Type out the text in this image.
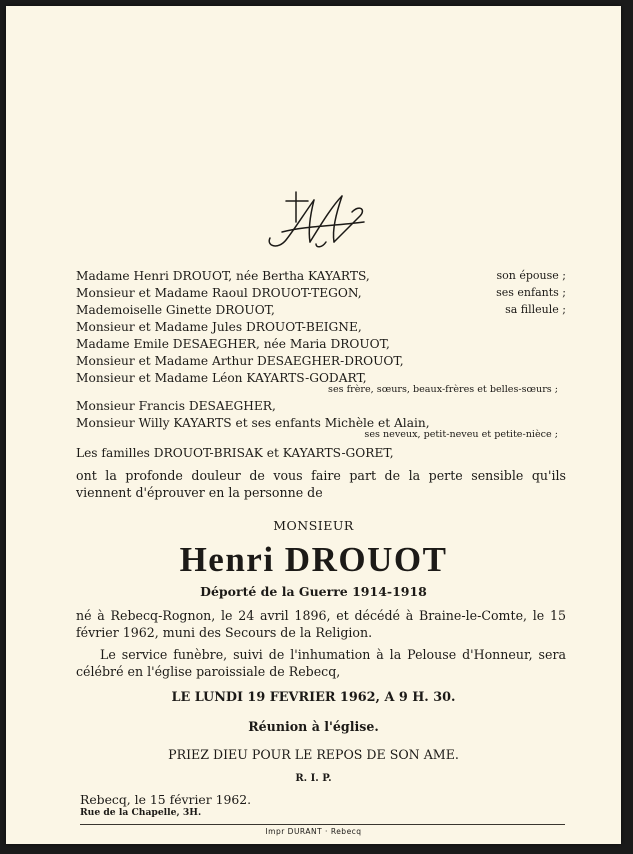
Madame Henri DROUOT, née Bertha KAYARTS,	son épouse ;
Monsieur et Madame Raoul DROUOT-TEGON,	ses enfants ;
Mademoiselle Ginette DROUOT,	sa filleule ;
Monsieur et Madame Jules DROUOT-BEIGNE,
Madame Emile DESAEGHER, née Maria DROUOT,
Monsieur et Madame Arthur DESAEGHER-DROUOT,
Monsieur et Madame Léon KAYARTS-GODART,
ses frère, sœurs, beaux-frères et belles-sœurs ;
Monsieur Francis DESAEGHER,
Monsieur Willy KAYARTS et ses enfants Michèle et Alain,
ses neveux, petit-neveu et petite-nièce ;
Les familles DROUOT-BRISAK et KAYARTS-GORET,
ont la profonde douleur de vous faire part de la perte sensible qu'ils viennent d'éprouver en la personne de
MONSIEUR
Henri DROUOT
Déporté de la Guerre 1914-1918
né à Rebecq-Rognon, le 24 avril 1896, et décédé à Braine-le-Comte, le 15 février 1962, muni des Secours de la Religion.
Le service funèbre, suivi de l'inhumation à la Pelouse d'Honneur, sera célébré en l'église paroissiale de Rebecq,
LE LUNDI 19 FEVRIER 1962, A 9 H. 30.
Réunion à l'église.
PRIEZ DIEU POUR LE REPOS DE SON AME.
R. I. P.
Rebecq, le 15 février 1962.
Rue de la Chapelle, 3H.
Impr DURANT · Rebecq
